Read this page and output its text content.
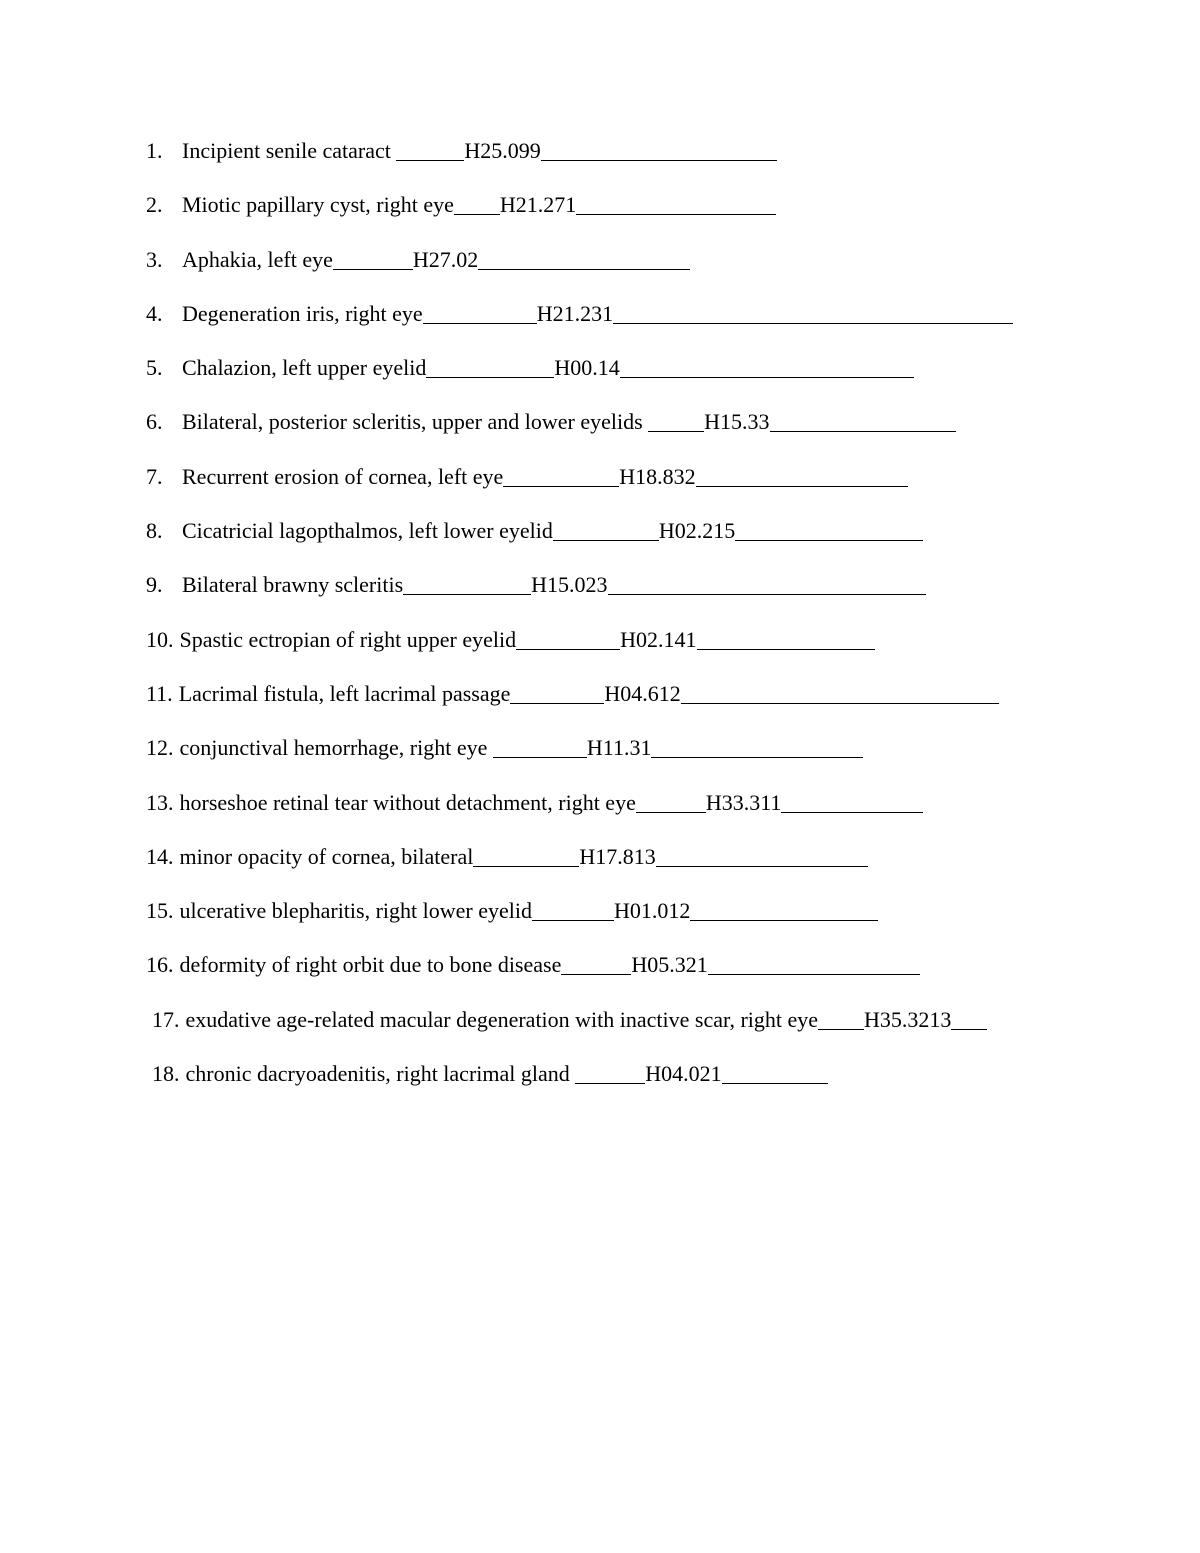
1. Incipient senile cataract	H25.099
2. Miotic papillary cyst, right eye H21.271
3. Aphakia, left eye	H27.02
4. Degeneration iris, right eye	H21.231
5. Chalazion, left upper eyelid	H00.14
6. Bilateral, posterior scleritis, upper and lower eyelids	H15.33
7. Recurrent erosion of cornea, left eye	H18.832
8. Cicatricial lagopthalmos, left lower eyelid	H02.215
9. Bilateral brawny scleritis	H15.023
10. Spastic ectropian of right upper eyelid	H02.141
11. Lacrimal fistula, left lacrimal passage	H04.612
12. conjunctival hemorrhage, right eye	H11.31
13. horseshoe retinal tear without detachment, right eye	H33.311
14. minor opacity of cornea, bilateral	H17.813
15. ulcerative blepharitis, right lower eyelid	H01.012
16. deformity of right orbit due to bone disease	H05.321
17. exudative age-related macular degeneration with inactive scar, right eye H35.3213
18. chronic dacryoadenitis, right lacrimal gland	H04.021
